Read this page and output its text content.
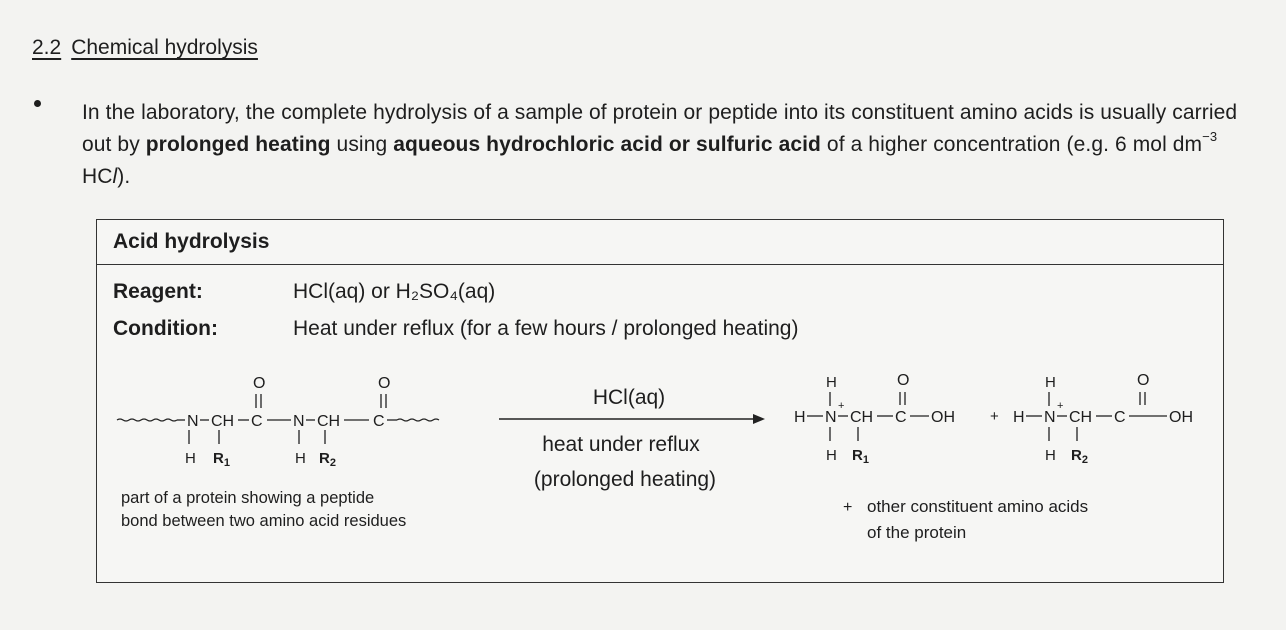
2.2 Chemical hydrolysis

In the laboratory, the complete hydrolysis of a sample of protein or peptide into its constituent amino acids is usually carried out by prolonged heating using aqueous hydrochloric acid or sulfuric acid of a higher concentration (e.g. 6 mol $dm^{-3}$ HCl).

Acid hydrolysis
Reagent:	HCl(aq) or H₂SO₄(aq)
Condition:	Heat under reflux (for a few hours / prolonged heating)
N CH C
O
N CH C
O
H $R_1$	H $R_2$
part of a protein showing a peptide
bond between two amino acid residues
HCl(aq)
heat under reflux
(prolonged heating)
H
H N
+
CH C
O
OH
H $R_1$
+
H
H N
+
CH C
O
OH
H $R_2$
+ other constituent amino acids
of the protein
